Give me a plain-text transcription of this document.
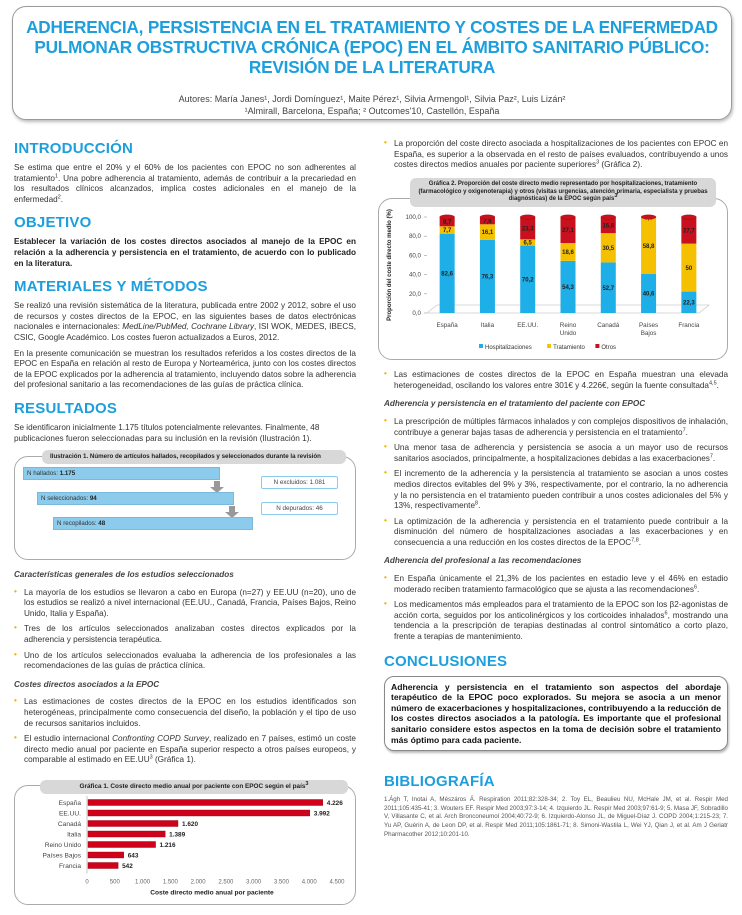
ADHERENCIA, PERSISTENCIA EN EL TRATAMIENTO Y COSTES DE LA ENFERMEDAD
PULMONAR OBSTRUCTIVA CRÓNICA (EPOC) EN EL ÁMBITO SANITARIO PÚBLICO:
REVISIÓN DE LA LITERATURA
Autores: María Janes¹, Jordi Domínguez¹, Maite Pérez¹, Silvia Armengol¹, Silvia Paz², Luis Lizán²
¹Almirall, Barcelona, España; ² Outcomes'10, Castellón, España
INTRODUCCIÓN

Se estima que entre el 20% y el 60% de los pacientes con EPOC no son adherentes al tratamiento$^1$. Una pobre adherencia al tratamiento, además de contribuir a la precariedad en los resultados clínicos alcanzados, implica costes adicionales en el manejo de la enfermedad$^2$.

OBJETIVO

Establecer la variación de los costes directos asociados al manejo de la EPOC en relación a la adherencia y persistencia en el tratamiento, de acuerdo con lo publicado en la literatura.

MATERIALES Y MÉTODOS

Se realizó una revisión sistemática de la literatura, publicada entre 2002 y 2012, sobre el uso de recursos y costes directos de la EPOC, en las siguientes bases de datos electrónicas nacionales e internacionales: MedLine/PubMed, Cochrane Library, ISI WOK, MEDES, IBECS, CSIC, Google Académico. Los costes fueron actualizados a Euros, 2012.

En la presente comunicación se muestran los resultados referidos a los costes directos de la EPOC en España en relación al resto de Europa y Norteamérica, junto con los costes directos de la EPOC explicados por la adherencia al tratamiento, incluyendo datos sobre la adherencia del profesional sanitario a las recomendaciones de las guías de práctica clínica.

RESULTADOS

Se identificaron inicialmente 1.175 títulos potencialmente relevantes. Finalmente, 48 publicaciones fueron seleccionadas para su inclusión en la revisión (Ilustración 1).

Ilustración 1. Número de artículos hallados, recopilados y seleccionados durante la revisión
N hallados: 1.175
N seleccionados: 94
N recopilados: 48
N excluidos: 1.081
N depurados: 46
Características generales de los estudios seleccionados
• La mayoría de los estudios se llevaron a cabo en Europa (n=27) y EE.UU (n=20), uno de los estudios se realizó a nivel internacional (EE.UU., Canadá, Francia, Países Bajos, Reino Unido, Italia y España).
• Tres de los artículos seleccionados analizaban costes directos explicados por la adherencia y persistencia terapéutica.
• Uno de los artículos seleccionados evaluaba la adherencia de los profesionales a las recomendaciones de las guías de práctica clínica.
Costes directos asociados a la EPOC
• Las estimaciones de costes directos de la EPOC en los estudios identificados son heterogéneas, principalmente como consecuencia del diseño, la población y el tipo de uso de recursos sanitarios incluidos.
• El estudio internacional Confronting COPD Survey, realizado en 7 países, estimó un coste directo medio anual por paciente en España superior respecto a otros países europeos, y comparable al estimado en $EE.UU^3$ (Gráfica 1).
Gráfica 1. Coste directo medio anual por paciente con EPOC según el país$^3$
España	4.226
EE.UU.	3.992
Canadá	1.620
Italia	1.389
Reino Unido	1.216
Países Bajos	643
Francia	542
0	500	1.000 1.500 2.000 2.500 3.000 3.500 4.000 4.500
Coste directo medio anual por paciente
• La proporción del coste directo asociada a hospitalizaciones de los pacientes con EPOC en España, es superior a la observada en el resto de países evaluados, contribuyendo a unos costes directos medios anuales por paciente superiores$^3$ (Gráfica 2).
Gráfica 2. Proporción del coste directo medio representado por hospitalizaciones, tratamiento (farmacológico y oxigenoterapia) y otros (visitas urgencias, atención primaria, especialista y pruebas diagnósticas) de la EPOC según país$^3$
Proporción del coste directo medio (%)	0,0
20,0
40,0
60,0
80,0
100,0
82,6
7,7
9,7
España
76,3
16,1
7,6
Italia
70,2
6,5
23,3
EE.UU.
54,3
18,6
27,1
Reino
Unido
52,7
30,5
16,8
Canadá
40,6
58,8
Países
Bajos
22,3
50
27,7
Francia
Hospitalizaciones	Tratamiento	Otros
• Las estimaciones de costes directos de la EPOC en España muestran una elevada heterogeneidad, oscilando los valores entre 301€ y 4.226€, según la fuente consultada$^{4,5}$.
Adherencia y persistencia en el tratamiento del paciente con EPOC
• La prescripción de múltiples fármacos inhalados y con complejos dispositivos de inhalación, contribuye a generar bajas tasas de adherencia y persistencia en el tratamiento$^7$.
• Una menor tasa de adherencia y persistencia se asocia a un mayor uso de recursos sanitarios asociados, principalmente, a hospitalizaciones debidas a las exacerbaciones$^7$.
• El incremento de la adherencia y la persistencia al tratamiento se asocian a unos costes medios directos evitables del 9% y 3%, respectivamente, por el contrario, la no adherencia y la no persistencia en el tratamiento pueden contribuir a unos costes adicionales del 5% y 13%, respectivamente$^8$.
• La optimización de la adherencia y persistencia en el tratamiento puede contribuir a la disminución del número de hospitalizaciones asociadas a las exacerbaciones y en consecuencia a una reducción en los costes directos de la EPOC$^{7,8}$.
Adherencia del profesional a las recomendaciones
• En España únicamente el 21,3% de los pacientes en estadio leve y el 46% en estadio moderado reciben tratamiento farmacológico que se ajusta a las recomendaciones$^6$.
• Los medicamentos más empleados para el tratamiento de la EPOC son los β2-agonistas de acción corta, seguidos por los anticolinérgicos y los corticoides inhalados$^6$, mostrando una tendencia a la prescripción de terapias destinadas al control sintomático a corto plazo, frente a terapias de mantenimiento.
CONCLUSIONES
Adherencia y persistencia en el tratamiento son aspectos del abordaje terapéutico de la EPOC poco explorados. Su mejora se asocia a un menor número de exacerbaciones y hospitalizaciones, contribuyendo a la reducción de los costes directos asociados a la patología. Es importante que el profesional sanitario considere estos aspectos en la toma de decisión sobre el tratamiento más óptimo para cada paciente.
BIBLIOGRAFÍA
1.Ágh T, Inotai A, Mészáros Á. Respiration 2011;82:328-34; 2. Toy EL, Beaulieu NU, McHale JM, et al. Respir Med 2011;105:435-41; 3. Wouters EF. Respir Med 2003;97:3-14; 4. Izquierdo JL. Respir Med 2003;97:61-9; 5. Masa JF, Sobradillo V, Villasante C, et al. Arch Bronconeumol 2004;40:72-9; 6. Izquierdo-Alonso JL, de Miguel-Díaz J. COPD 2004;1:215-23; 7. Yu AP, Guérin A, de Leon DP, et al. Respir Med 2011;105:1861-71; 8. Simoni-Wastila L, Wei YJ, Qian J, et al. Am J Geriatr Pharmacother 2012;10:201-10.
